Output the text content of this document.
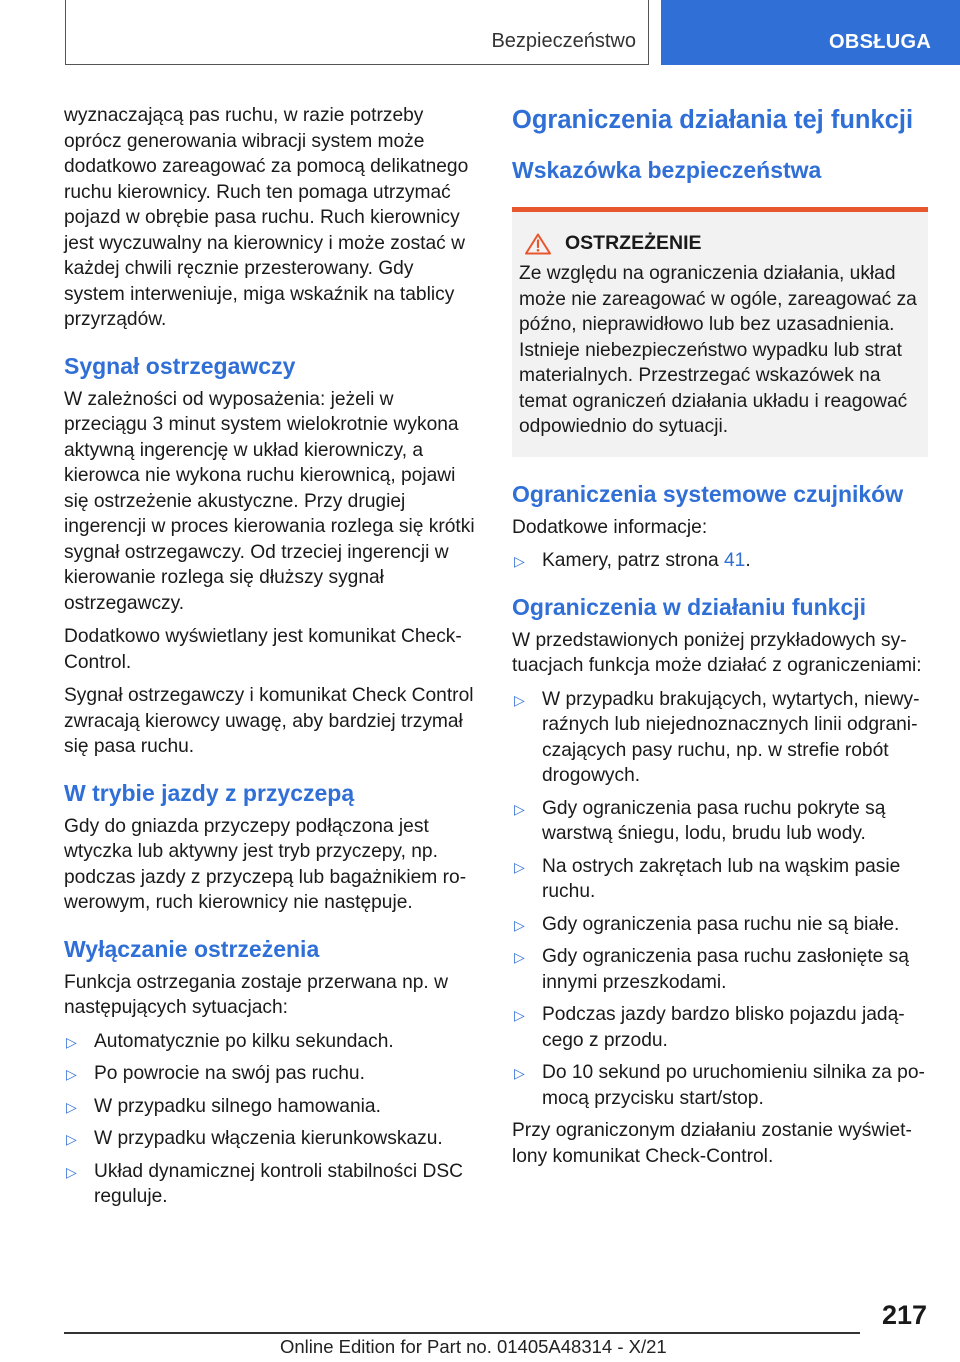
Bezpieczeństwo	OBSŁUGA

wyznaczającą pas ruchu, w razie potrzeby oprócz generowania wibracji system może dodatkowo zareagować za pomocą delikatnego ruchu kierownicy. Ruch ten pomaga utrzymać pojazd w obrębie pasa ruchu. Ruch kierownicy jest wyczuwalny na kierownicy i może zostać w każdej chwili ręcznie przesterowany. Gdy system interweniuje, miga wskaźnik na tablicy przyrządów.

Sygnał ostrzegawczy

W zależności od wyposażenia: jeżeli w przeciągu 3 minut system wielokrotnie wykona aktywną ingerencję w układ kierowniczy, a kierowca nie wykona ruchu kierownicą, pojawi się ostrzeżenie akustyczne. Przy drugiej ingerencji w proces kierowania rozlega się krótki sygnał ostrzegawczy. Od trzeciej ingerencji w kierowanie rozlega się dłuższy sygnał ostrzegawczy.

Dodatkowo wyświetlany jest komunikat Check-Control.

Sygnał ostrzegawczy i komunikat Check Control zwracają kierowcy uwagę, aby bardziej trzymał się pasa ruchu.

W trybie jazdy z przyczepą

Gdy do gniazda przyczepy podłączona jest wtyczka lub aktywny jest tryb przyczepy, np. podczas jazdy z przyczepą lub bagażnikiem rowerowym, ruch kierownicy nie następuje.

Wyłączanie ostrzeżenia

Funkcja ostrzegania zostaje przerwana np. w następujących sytuacjach:

▷ Automatycznie po kilku sekundach.
▷ Po powrocie na swój pas ruchu.
▷ W przypadku silnego hamowania.
▷ W przypadku włączenia kierunkowskazu.
▷ Układ dynamicznej kontroli stabilności DSC reguluje.
Ograniczenia działania tej funkcji
Wskazówka bezpieczeństwa
OSTRZEŻENIE

Ze względu na ograniczenia działania, układ może nie zareagować w ogóle, zareagować za późno, nieprawidłowo lub bez uzasadnienia. Istnieje niebezpieczeństwo wypadku lub strat materialnych. Przestrzegać wskazówek na temat ograniczeń działania układu i reagować odpowiednio do sytuacji.

Ograniczenia systemowe czujników

Dodatkowe informacje:

▷ Kamery, patrz strona 41.
Ograniczenia w działaniu funkcji

W przedstawionych poniżej przykładowych sytuacjach funkcja może działać z ograniczeniami:

▷ W przypadku brakujących, wytartych, niewyraźnych lub niejednoznacznych linii odgraniczających pasy ruchu, np. w strefie robót drogowych.
▷ Gdy ograniczenia pasa ruchu pokryte są warstwą śniegu, lodu, brudu lub wody.
▷ Na ostrych zakrętach lub na wąskim pasie ruchu.
▷ Gdy ograniczenia pasa ruchu nie są białe.
▷ Gdy ograniczenia pasa ruchu zasłonięte są innymi przeszkodami.
▷ Podczas jazdy bardzo blisko pojazdu jadącego z przodu.
▷ Do 10 sekund po uruchomieniu silnika za pomocą przycisku start/stop.

Przy ograniczonym działaniu zostanie wyświetlony komunikat Check-Control.

217
Online Edition for Part no. 01405A48314 - X/21
